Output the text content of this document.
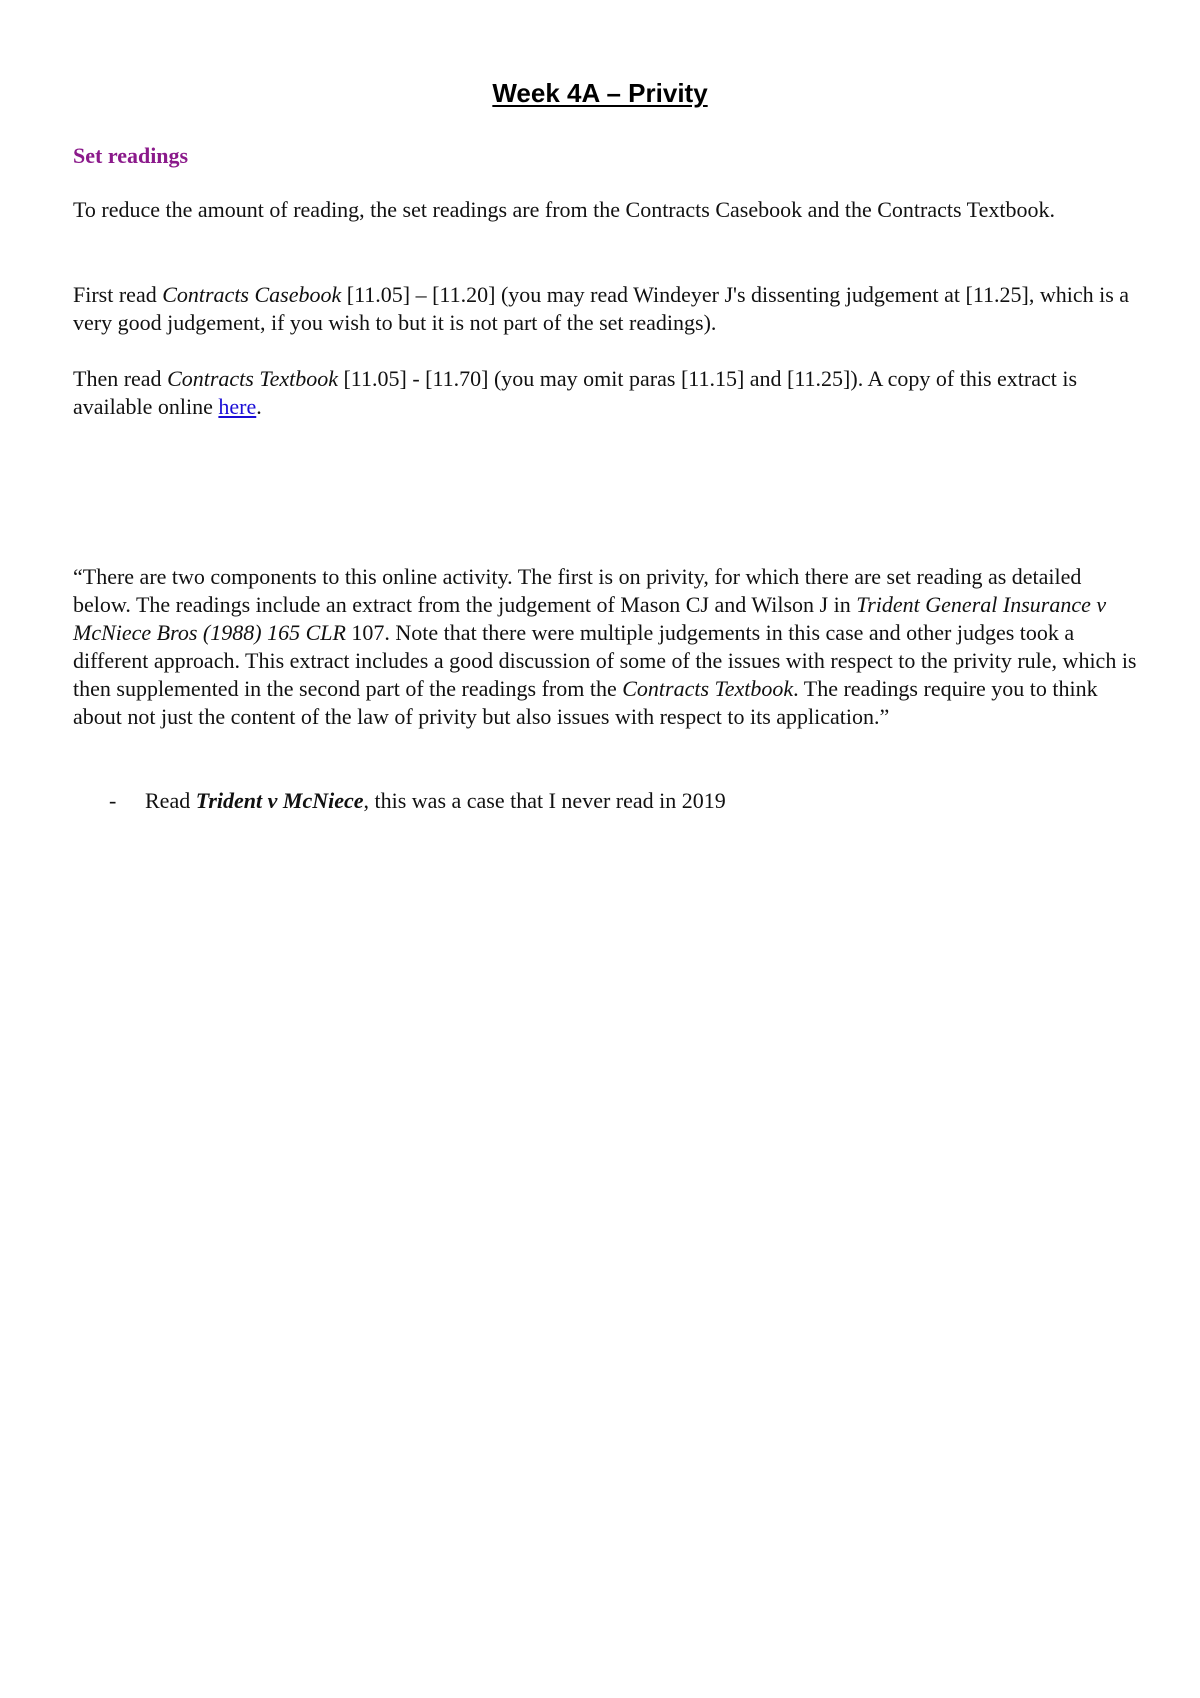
Week 4A – Privity
Set readings

To reduce the amount of reading, the set readings are from the Contracts Casebook and the Contracts Textbook.

First read Contracts Casebook [11.05] – [11.20] (you may read Windeyer J's dissenting judgement at [11.25], which is a very good judgement, if you wish to but it is not part of the set readings).

Then read Contracts Textbook [11.05] - [11.70] (you may omit paras [11.15] and [11.25]). A copy of this extract is available online here.

“There are two components to this online activity. The first is on privity, for which there are set reading as detailed below. The readings include an extract from the judgement of Mason CJ and Wilson J in Trident General Insurance v McNiece Bros (1988) 165 CLR 107. Note that there were multiple judgements in this case and other judges took a different approach. This extract includes a good discussion of some of the issues with respect to the privity rule, which is then supplemented in the second part of the readings from the Contracts Textbook. The readings require you to think about not just the content of the law of privity but also issues with respect to its application.”

- Read Trident v McNiece, this was a case that I never read in 2019
